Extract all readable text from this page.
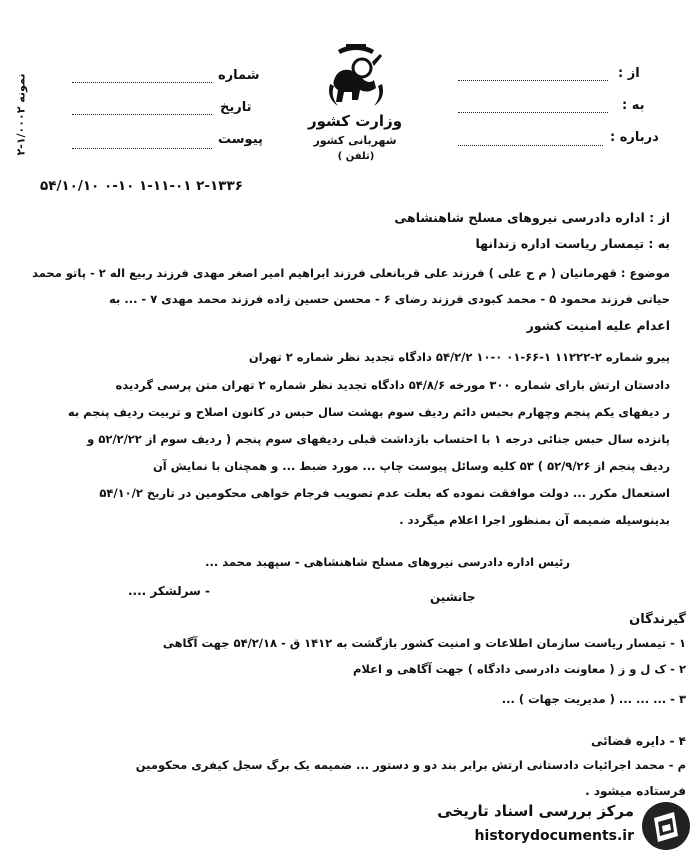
نمونه ۱/۰۰۰۲-۲	شماره
تاریخ
پیوست
وزارت کشور
شهربانی کشور
(تلفن )
از :
به :
درباره :
۲-۱۳۳۶ ۱-۱۱-۰۱ ۰-۱۰ ۵۴/۱۰/۱۰
از : اداره دادرسی نیروهای مسلح شاهنشاهی
به : تیمسار ریاست اداره زندانها
موضوع : قهرمانیان ( م ح علی ) فرزند علی قربانعلی فرزند ابراهیم امیر اصغر مهدی فرزند ربیع اله ۲ - پاتو محمد
حیاتی فرزند محمود ۵ - محمد کبودی فرزند رضای ۶ - محسن حسین زاده فرزند محمد مهدی ۷ - ... به
اعدام علیه امنیت کشور
پیرو شماره ۲-۱۱۲۲۲ ۱-۶۶-۰۱ ۰-۱۰ ۵۴/۲/۲ دادگاه تجدید نظر شماره ۲ تهران
دادستان ارتش بارای شماره ۳۰۰ مورخه ۵۴/۸/۶ دادگاه تجدید نظر شماره ۲ تهران متن پرسی گردیده
ر دیفهای یکم پنجم وچهارم بحبس دائم ردیف سوم بهشت سال حبس در کانون اصلاح و تربیت ردیف پنجم به
پانزده سال حبس جنائی درجه ۱ با احتساب بازداشت قبلی ردیفهای سوم پنجم ( ردیف سوم از ۵۲/۲/۲۲ و
ردیف پنجم از ۵۲/۹/۲۶ ) ۵۳ کلیه وسائل پیوست چاپ ... مورد ضبط ... و همچنان با نمایش آن
استعمال مکرر ... دولت موافقت نموده که بعلت عدم تصویب فرجام خواهی محکومین در تاریخ ۵۴/۱۰/۲
بدینوسیله ضمیمه آن بمنظور اجرا اعلام میگردد .
رئیس اداره دادرسی نیروهای مسلح شاهنشاهی - سپهبد محمد ...
جانشین
- سرلشکر ....
گیرندگان
۱ - تیمسار ریاست سازمان اطلاعات و امنیت کشور بازگشت به ۱۴۱۲ ق - ۵۴/۲/۱۸ جهت آگاهی
۲ - ک ل و ز ( معاونت دادرسی دادگاه ) جهت آگاهی و اعلام
۳ - ... ... ... ( مدیریت جهات ) ...
۴ - دایره قضائی
م - محمد اجرائیات دادستانی ارتش برابر بند دو و دستور ... ضمیمه یک برگ سجل کیفری محکومین
فرستاده میشود .
مرکز بررسی اسناد تاریخی
historydocuments.ir
